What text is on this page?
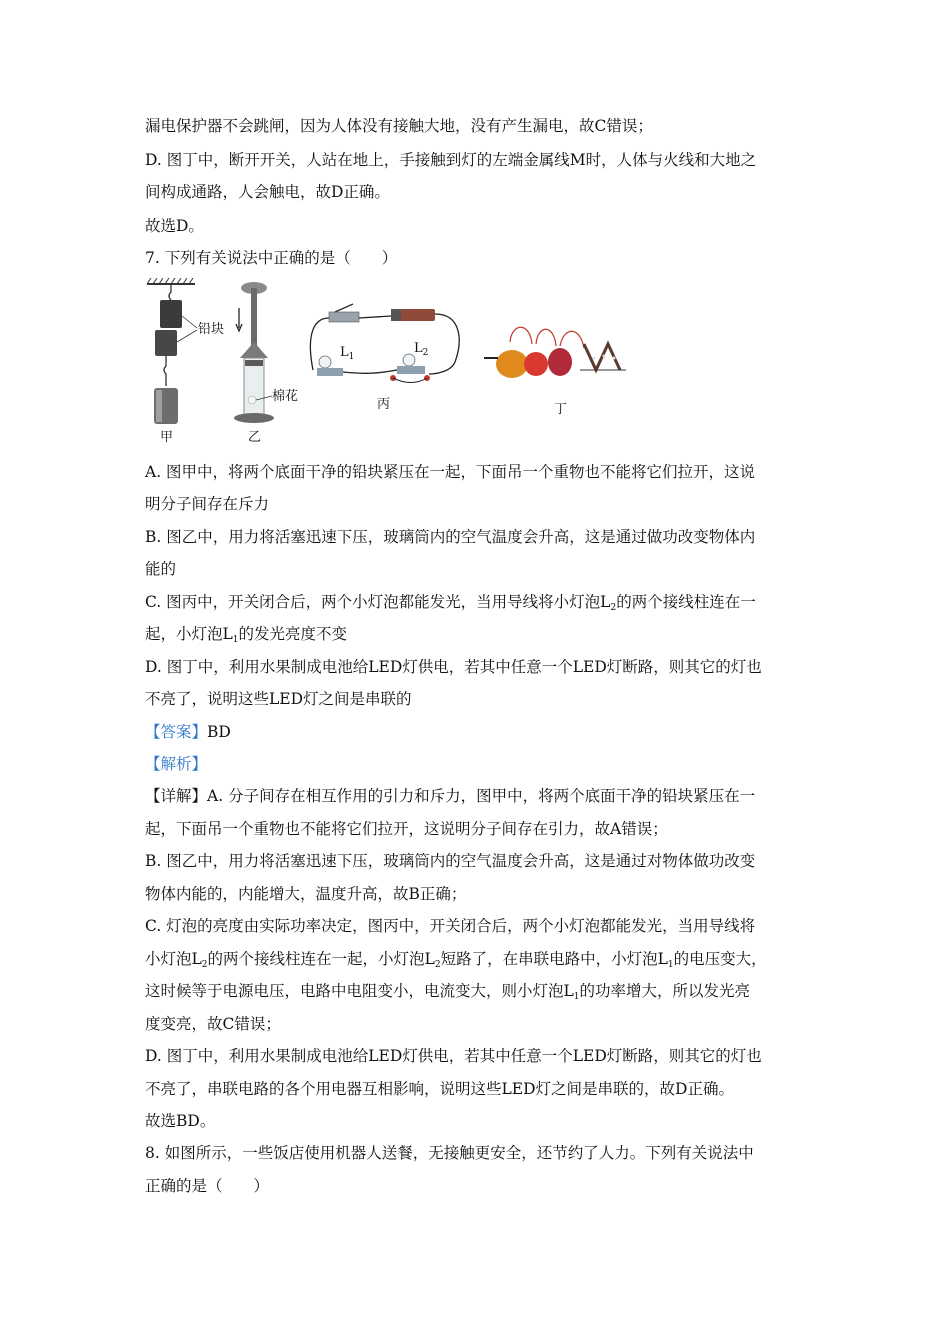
漏电保护器不会跳闸，因为人体没有接触大地，没有产生漏电，故C错误；
D. 图丁中，断开开关，人站在地上，手接触到灯的左端金属线M时，人体与火线和大地之
间构成通路，人会触电，故D正确。
故选D。
7. 下列有关说法中正确的是（　　）
铅块
甲
棉花
乙
$L_1$
$L_2$
丙	丁
A. 图甲中，将两个底面干净的铅块紧压在一起，下面吊一个重物也不能将它们拉开，这说
明分子间存在斥力
B. 图乙中，用力将活塞迅速下压，玻璃筒内的空气温度会升高，这是通过做功改变物体内
能的
C. 图丙中，开关闭合后，两个小灯泡都能发光，当用导线将小灯泡$L_2$的两个接线柱连在一
起，小灯泡$L_1$的发光亮度不变
D. 图丁中，利用水果制成电池给LED灯供电，若其中任意一个LED灯断路，则其它的灯也
不亮了，说明这些LED灯之间是串联的
【答案】BD
【解析】
【详解】A. 分子间存在相互作用的引力和斥力，图甲中，将两个底面干净的铅块紧压在一
起，下面吊一个重物也不能将它们拉开，这说明分子间存在引力，故A错误；
B. 图乙中，用力将活塞迅速下压，玻璃筒内的空气温度会升高，这是通过对物体做功改变
物体内能的，内能增大，温度升高，故B正确；
C. 灯泡的亮度由实际功率决定，图丙中，开关闭合后，两个小灯泡都能发光，当用导线将
小灯泡$L_2$的两个接线柱连在一起，小灯泡$L_2$短路了，在串联电路中，小灯泡$L_1$的电压变大，
这时候等于电源电压，电路中电阻变小，电流变大，则小灯泡$L_1$的功率增大，所以发光亮
度变亮，故C错误；
D. 图丁中，利用水果制成电池给LED灯供电，若其中任意一个LED灯断路，则其它的灯也
不亮了，串联电路的各个用电器互相影响，说明这些LED灯之间是串联的，故D正确。
故选BD。
8. 如图所示，一些饭店使用机器人送餐，无接触更安全，还节约了人力。下列有关说法中
正确的是（　　）
